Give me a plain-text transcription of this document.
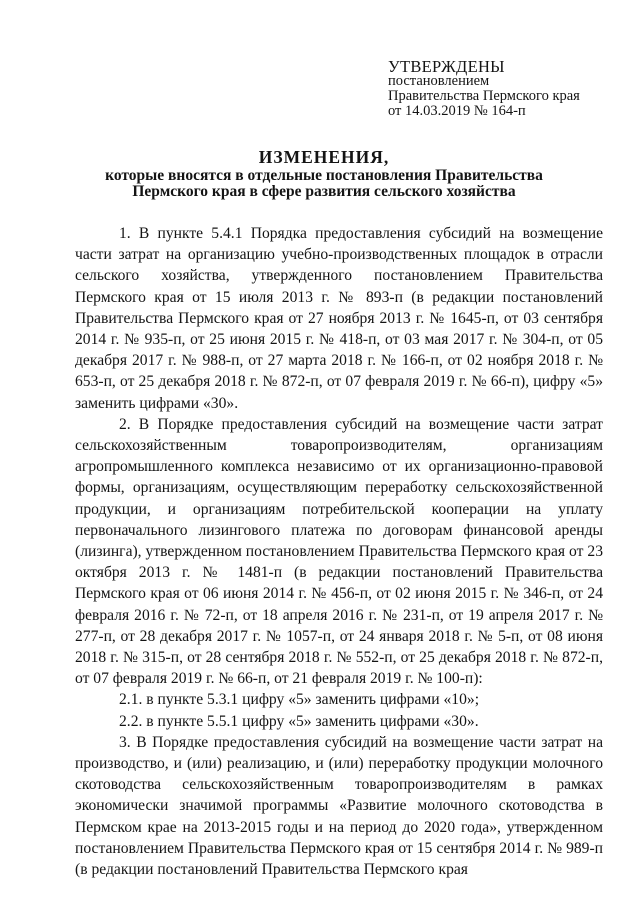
УТВЕРЖДЕНЫ
постановлением
Правительства Пермского края
от 14.03.2019 № 164-п
ИЗМЕНЕНИЯ,
которые вносятся в отдельные постановления Правительства
Пермского края в сфере развития сельского хозяйства

1. В пункте 5.4.1 Порядка предоставления субсидий на возмещение части затрат на организацию учебно-производственных площадок в отрасли сельского хозяйства, утвержденного постановлением Правительства Пермского края от 15 июля 2013 г. № 893-п (в редакции постановлений Правительства Пермского края от 27 ноября 2013 г. № 1645-п, от 03 сентября 2014 г. № 935-п, от 25 июня 2015 г. № 418-п, от 03 мая 2017 г. № 304-п, от 05 декабря 2017 г. № 988-п, от 27 марта 2018 г. № 166-п, от 02 ноября 2018 г. № 653-п, от 25 декабря 2018 г. № 872-п, от 07 февраля 2019 г. № 66-п), цифру «5» заменить цифрами «30».

2. В Порядке предоставления субсидий на возмещение части затрат сельскохозяйственным товаропроизводителям, организациям агропромышленного комплекса независимо от их организационно-правовой формы, организациям, осуществляющим переработку сельскохозяйственной продукции, и организациям потребительской кооперации на уплату первоначального лизингового платежа по договорам финансовой аренды (лизинга), утвержденном постановлением Правительства Пермского края от 23 октября 2013 г. № 1481-п (в редакции постановлений Правительства Пермского края от 06 июня 2014 г. № 456-п, от 02 июня 2015 г. № 346-п, от 24 февраля 2016 г. № 72-п, от 18 апреля 2016 г. № 231-п, от 19 апреля 2017 г. № 277-п, от 28 декабря 2017 г. № 1057-п, от 24 января 2018 г. № 5-п, от 08 июня 2018 г. № 315-п, от 28 сентября 2018 г. № 552-п, от 25 декабря 2018 г. № 872-п, от 07 февраля 2019 г. № 66-п, от 21 февраля 2019 г. № 100-п):

2.1. в пункте 5.3.1 цифру «5» заменить цифрами «10»;

2.2. в пункте 5.5.1 цифру «5» заменить цифрами «30».

3. В Порядке предоставления субсидий на возмещение части затрат на производство, и (или) реализацию, и (или) переработку продукции молочного скотоводства сельскохозяйственным товаропроизводителям в рамках экономически значимой программы «Развитие молочного скотоводства в Пермском крае на 2013-2015 годы и на период до 2020 года», утвержденном постановлением Правительства Пермского края от 15 сентября 2014 г. № 989-п (в редакции постановлений Правительства Пермского края
